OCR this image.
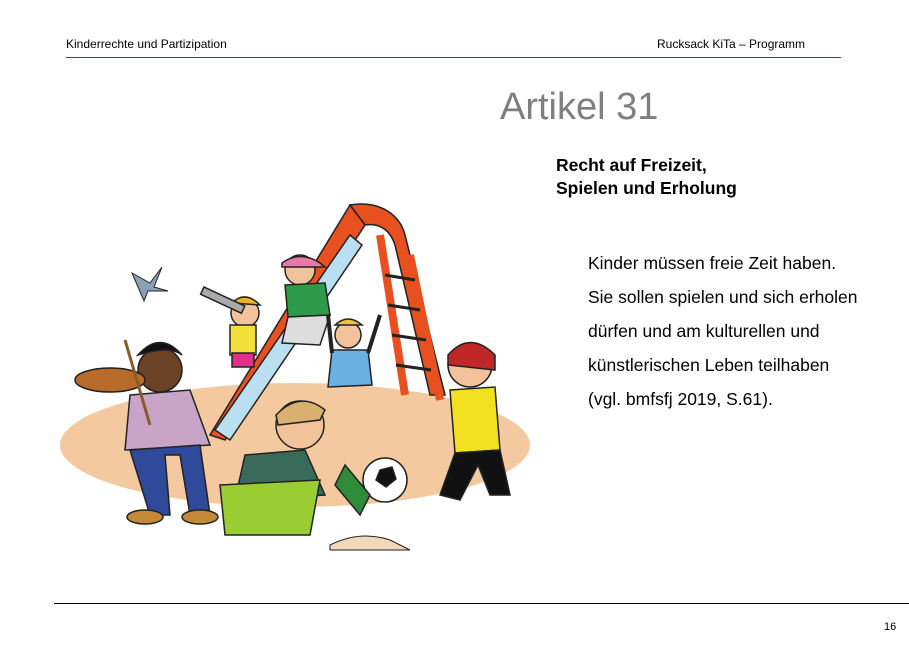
Kinderrechte und Partizipation	Rucksack KiTa – Programm
Artikel 31
Recht auf Freizeit,
Spielen und Erholung
Kinder müssen freie Zeit haben.
Sie sollen spielen und sich erholen
dürfen und am kulturellen und
künstlerischen Leben teilhaben
(vgl. bmfsfj 2019, S.61).
16
